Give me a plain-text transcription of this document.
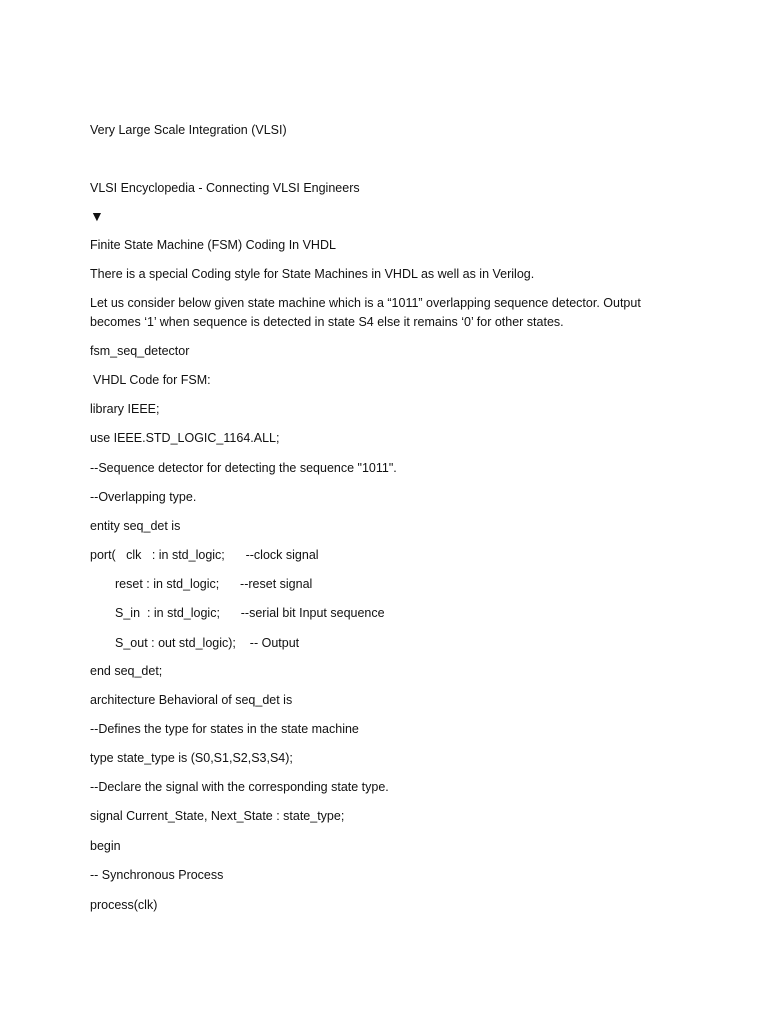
Very Large Scale Integration (VLSI)
VLSI Encyclopedia - Connecting VLSI Engineers
▼
Finite State Machine (FSM) Coding In VHDL
There is a special Coding style for State Machines in VHDL as well as in Verilog.
Let us consider below given state machine which is a “1011” overlapping sequence detector. Output becomes ‘1’ when sequence is detected in state S4 else it remains ‘0’ for other states.
fsm_seq_detector
VHDL Code for FSM:
library IEEE;
use IEEE.STD_LOGIC_1164.ALL;
--Sequence detector for detecting the sequence "1011".
--Overlapping type.
entity seq_det is
port(   clk   : in std_logic;      --clock signal
reset : in std_logic;      --reset signal
S_in  : in std_logic;      --serial bit Input sequence
S_out : out std_logic);    -- Output
end seq_det;
architecture Behavioral of seq_det is
--Defines the type for states in the state machine
type state_type is (S0,S1,S2,S3,S4);
--Declare the signal with the corresponding state type.
signal Current_State, Next_State : state_type;
begin
-- Synchronous Process
process(clk)
